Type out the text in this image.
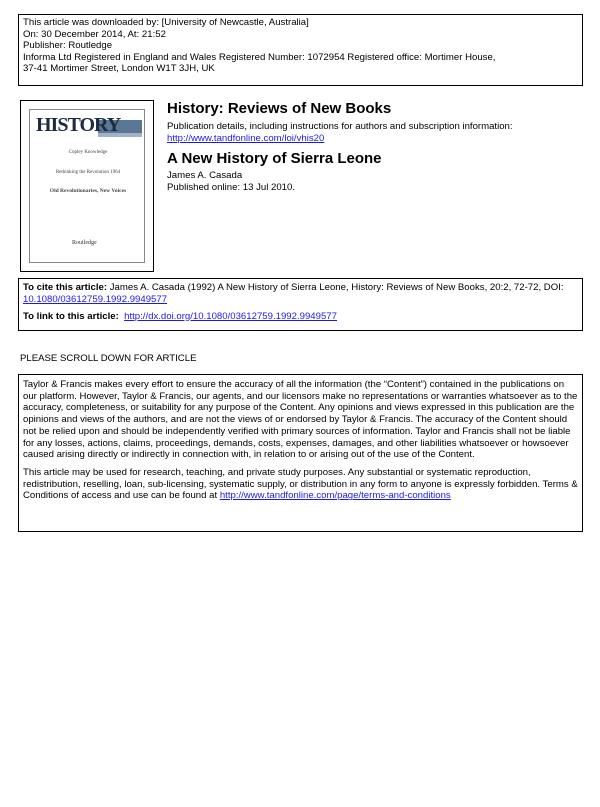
This article was downloaded by: [University of Newcastle, Australia]
On: 30 December 2014, At: 21:52
Publisher: Routledge
Informa Ltd Registered in England and Wales Registered Number: 1072954 Registered office: Mortimer House,
37-41 Mortimer Street, London W1T 3JH, UK
HISTORY
Copley Knowledge
Rethinking the Revolution 1964
Old Revolutionaries, New Voices
Routledge
History: Reviews of New Books
Publication details, including instructions for authors and subscription information:
http://www.tandfonline.com/loi/vhis20
A New History of Sierra Leone
James A. Casada
Published online: 13 Jul 2010.
To cite this article: James A. Casada (1992) A New History of Sierra Leone, History: Reviews of New Books, 20:2, 72-72, DOI:
10.1080/03612759.1992.9949577
To link to this article: http://dx.doi.org/10.1080/03612759.1992.9949577
PLEASE SCROLL DOWN FOR ARTICLE

Taylor & Francis makes every effort to ensure the accuracy of all the information (the “Content”) contained in the publications on our platform. However, Taylor & Francis, our agents, and our licensors make no representations or warranties whatsoever as to the accuracy, completeness, or suitability for any purpose of the Content. Any opinions and views expressed in this publication are the opinions and views of the authors, and are not the views of or endorsed by Taylor & Francis. The accuracy of the Content should not be relied upon and should be independently verified with primary sources of information. Taylor and Francis shall not be liable for any losses, actions, claims, proceedings, demands, costs, expenses, damages, and other liabilities whatsoever or howsoever caused arising directly or indirectly in connection with, in relation to or arising out of the use of the Content.

This article may be used for research, teaching, and private study purposes. Any substantial or systematic reproduction, redistribution, reselling, loan, sub-licensing, systematic supply, or distribution in any form to anyone is expressly forbidden. Terms & Conditions of access and use can be found at http://www.tandfonline.com/page/terms-and-conditions
